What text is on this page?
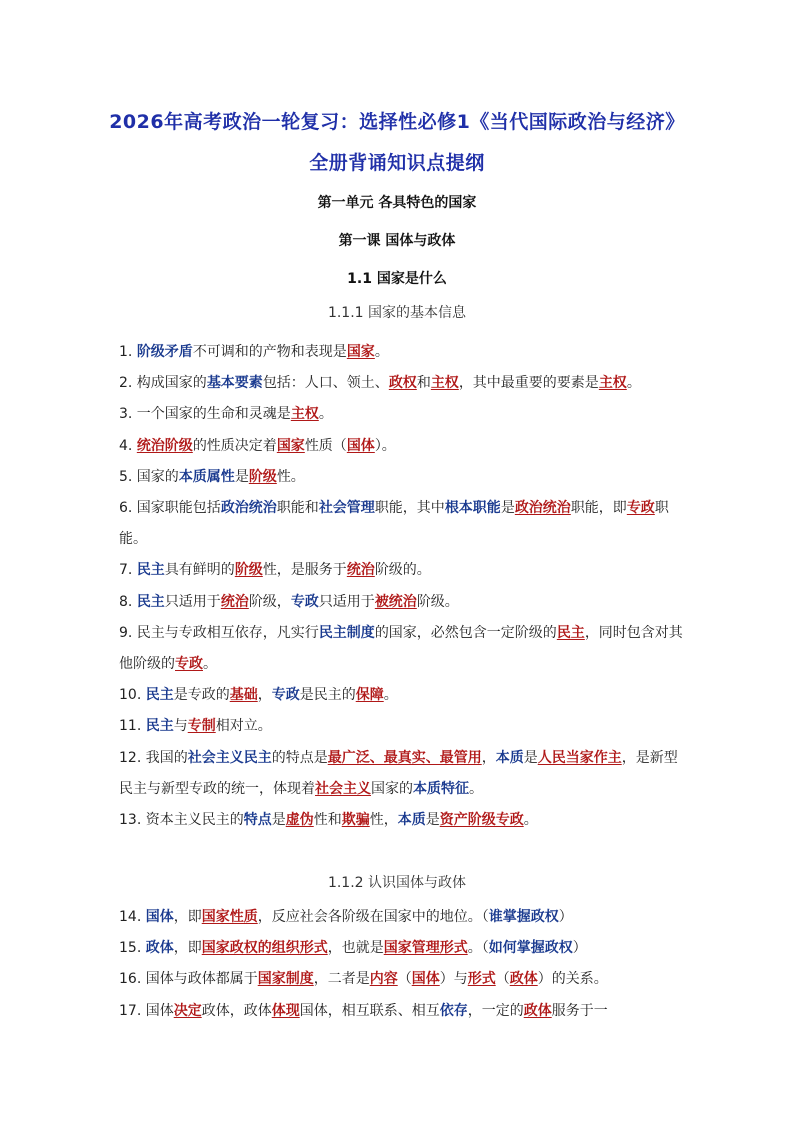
2026年高考政治一轮复习：选择性必修1《当代国际政治与经济》
全册背诵知识点提纲
第一单元 各具特色的国家
第一课 国体与政体
1.1 国家是什么
1.1.1 国家的基本信息

1. 阶级矛盾不可调和的产物和表现是国家。

2. 构成国家的基本要素包括：人口、领土、政权和主权，其中最重要的要素是主权。

3. 一个国家的生命和灵魂是主权。

4. 统治阶级的性质决定着国家性质（国体）。

5. 国家的本质属性是阶级性。

6. 国家职能包括政治统治职能和社会管理职能，其中根本职能是政治统治职能，即专政职能。

7. 民主具有鲜明的阶级性，是服务于统治阶级的。

8. 民主只适用于统治阶级，专政只适用于被统治阶级。

9. 民主与专政相互依存，凡实行民主制度的国家，必然包含一定阶级的民主，同时包含对其他阶级的专政。

10. 民主是专政的基础，专政是民主的保障。

11. 民主与专制相对立。

12. 我国的社会主义民主的特点是最广泛、最真实、最管用，本质是人民当家作主，是新型民主与新型专政的统一，体现着社会主义国家的本质特征。

13. 资本主义民主的特点是虚伪性和欺骗性，本质是资产阶级专政。

1.1.2 认识国体与政体

14. 国体，即国家性质，反应社会各阶级在国家中的地位。（谁掌握政权）

15. 政体，即国家政权的组织形式，也就是国家管理形式。（如何掌握政权）

16. 国体与政体都属于国家制度，二者是内容（国体）与形式（政体）的关系。

17. 国体决定政体，政体体现国体，相互联系、相互依存，一定的政体服务于一
